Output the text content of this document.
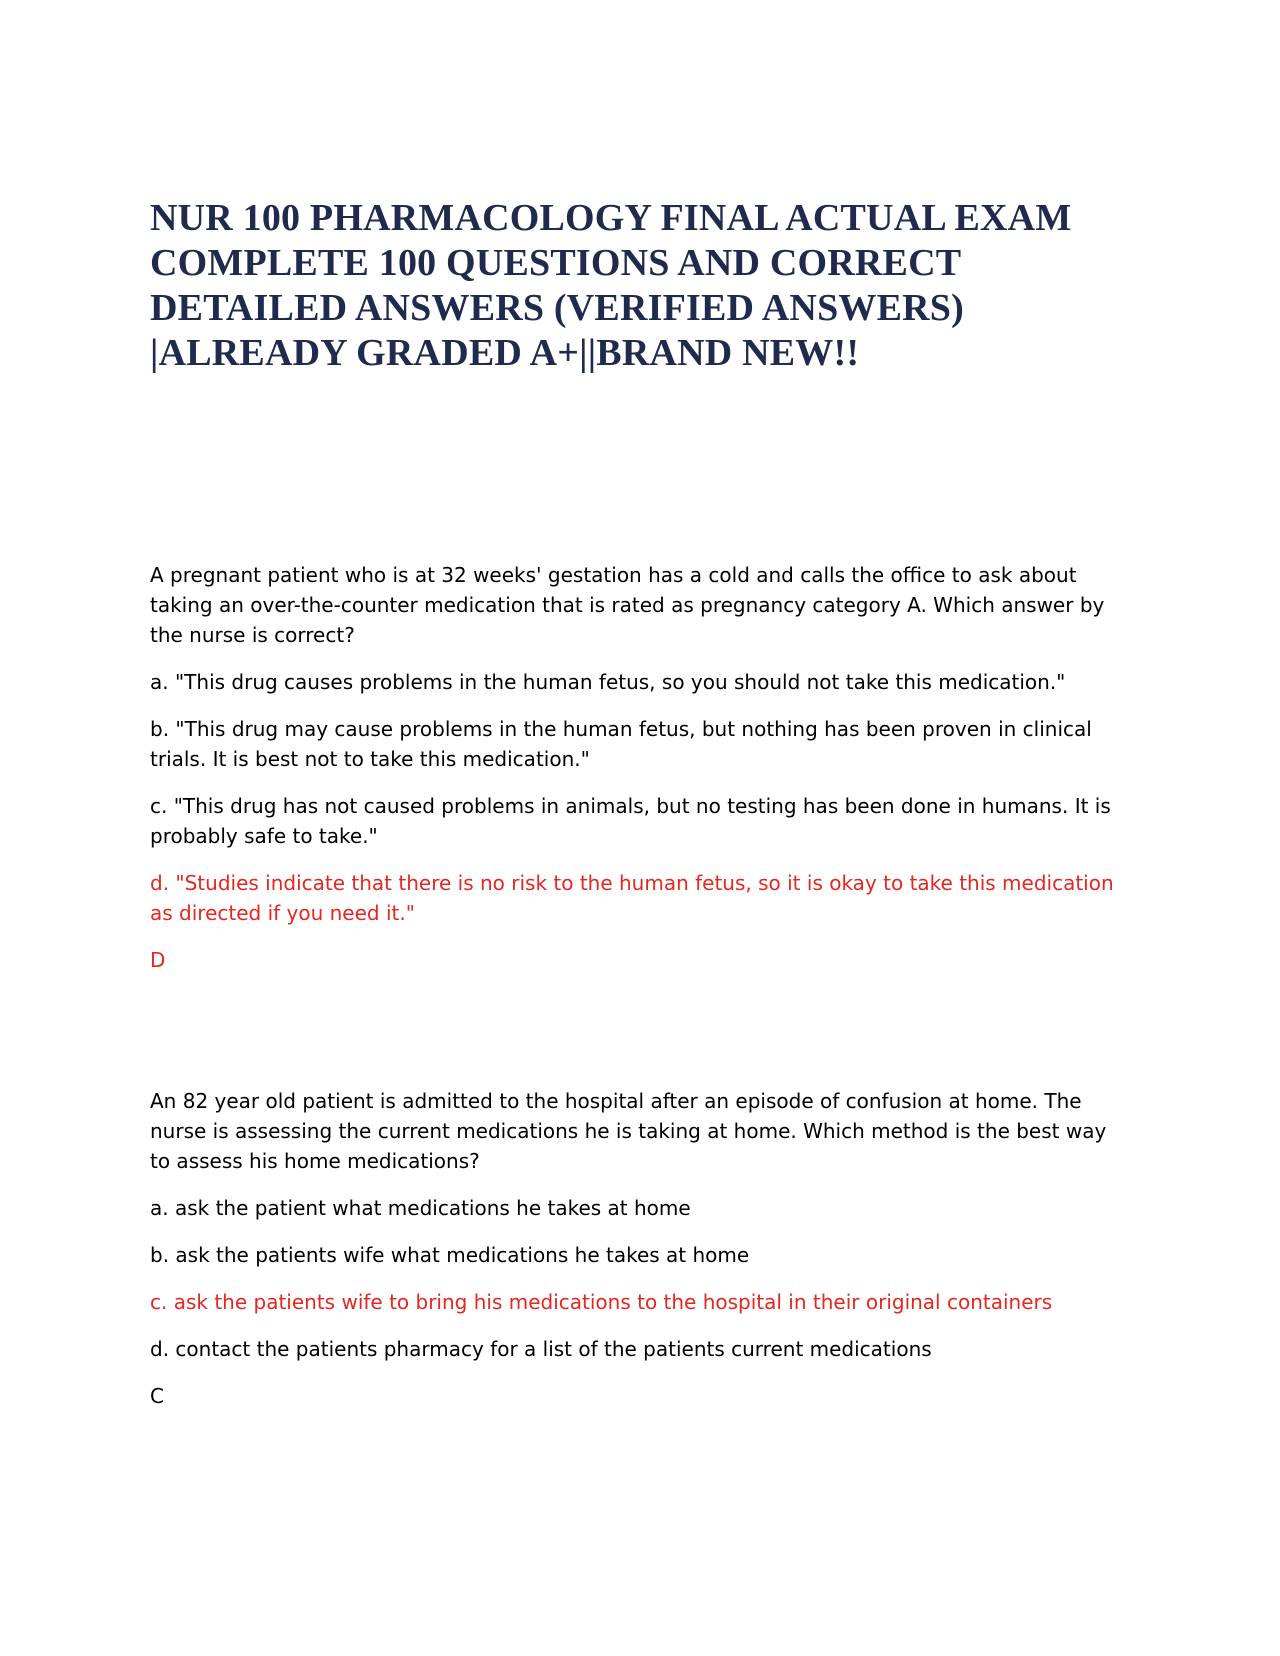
NUR 100 PHARMACOLOGY FINAL ACTUAL EXAM
COMPLETE 100 QUESTIONS AND CORRECT
DETAILED ANSWERS (VERIFIED ANSWERS)
|ALREADY GRADED A+||BRAND NEW!!

A pregnant patient who is at 32 weeks' gestation has a cold and calls the office to ask about taking an over-the-counter medication that is rated as pregnancy category A. Which answer by the nurse is correct?

a. "This drug causes problems in the human fetus, so you should not take this medication."

b. "This drug may cause problems in the human fetus, but nothing has been proven in clinical trials. It is best not to take this medication."

c. "This drug has not caused problems in animals, but no testing has been done in humans. It is probably safe to take."

d. "Studies indicate that there is no risk to the human fetus, so it is okay to take this medication as directed if you need it."

D

An 82 year old patient is admitted to the hospital after an episode of confusion at home. The nurse is assessing the current medications he is taking at home. Which method is the best way to assess his home medications?

a. ask the patient what medications he takes at home

b. ask the patients wife what medications he takes at home

c. ask the patients wife to bring his medications to the hospital in their original containers

d. contact the patients pharmacy for a list of the patients current medications

C
